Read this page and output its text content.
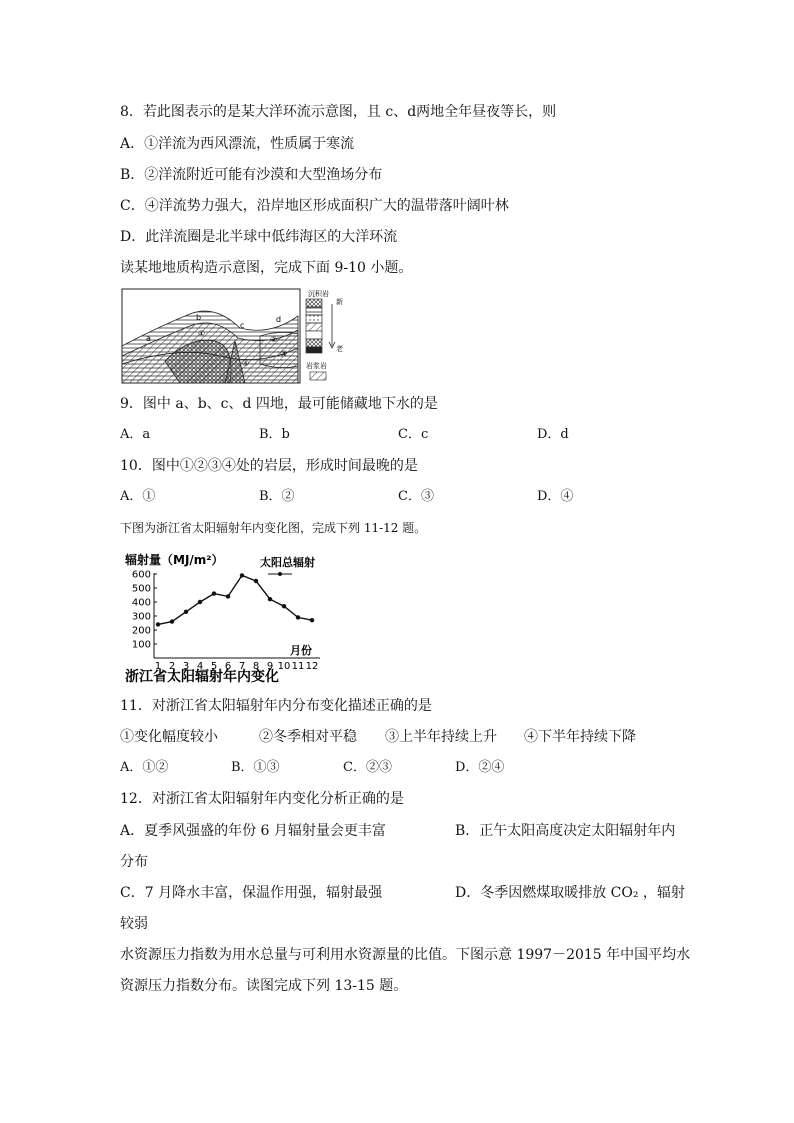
8．若此图表示的是某大洋环流示意图，且 c、d两地全年昼夜等长，则
A．①洋流为西风漂流，性质属于寒流
B．②洋流附近可能有沙漠和大型渔场分布
C．④洋流势力强大，沿岸地区形成面积广大的温带落叶阔叶林
D．此洋流圈是北半球中低纬海区的大洋环流
读某地地质构造示意图，完成下面 9-10 小题。
a
b
c
d
①
②
③
④
沉积岩
新
老
岩浆岩
9．图中 a、b、c、d 四地，最可能储藏地下水的是
A．a	B．b	C．c	D．d
10．图中①②③④处的岩层，形成时间最晚的是
A．①	B．②	C．③	D．④
下图为浙江省太阳辐射年内变化图，完成下列 11-12 题。
辐射量（MJ/m²）	太阳总辐射
100
200
300
400
500
600
1 2 3 4 5 6 7 8 9 10 11 12
月份
浙江省太阳辐射年内变化
11．对浙江省太阳辐射年内分布变化描述正确的是
①变化幅度较小	②冬季相对平稳 ③上半年持续上升 ④下半年持续下降
A．①②	B．①③	C．②③	D．②④
12．对浙江省太阳辐射年内变化分析正确的是
A．夏季风强盛的年份 6 月辐射量会更丰富	B．正午太阳高度决定太阳辐射年内
分布
C．7 月降水丰富，保温作用强，辐射最强	D．冬季因燃煤取暖排放 CO₂ ，辐射
较弱
水资源压力指数为用水总量与可利用水资源量的比值。下图示意 1997－2015 年中国平均水
资源压力指数分布。读图完成下列 13-15 题。
